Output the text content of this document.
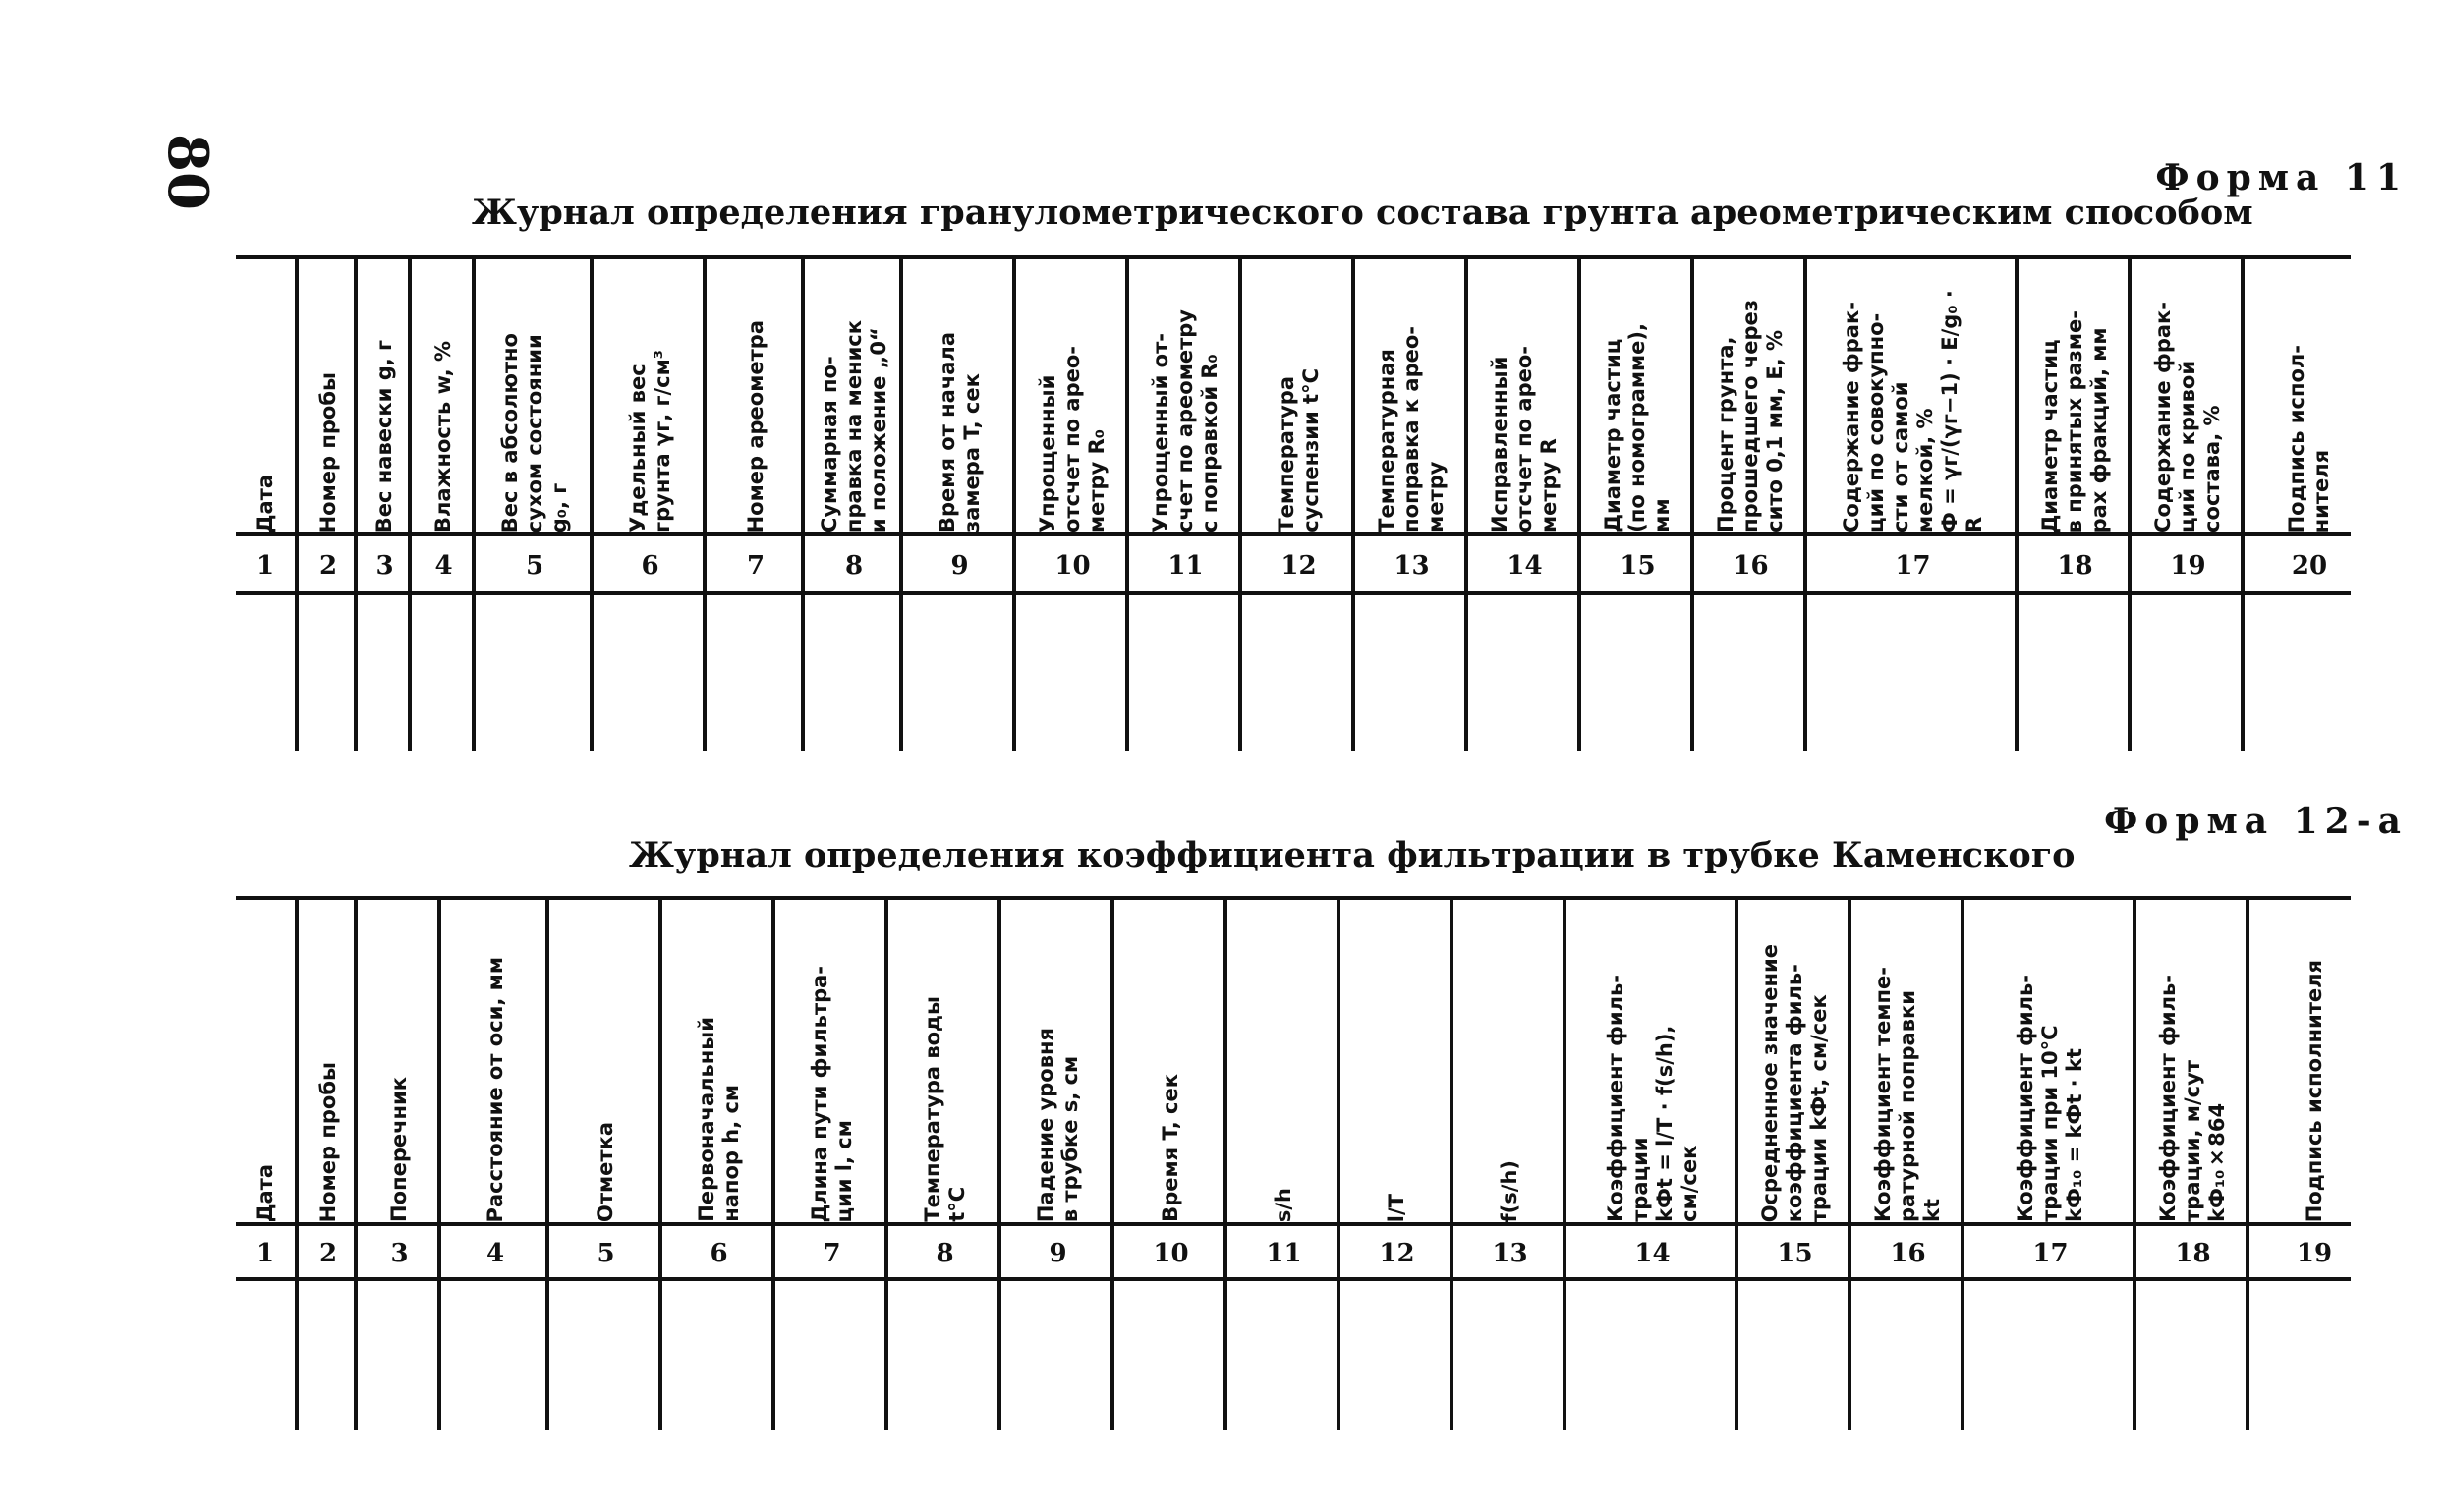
80	Форма 11
Журнал определения гранулометрического состава грунта ареометрическим способом
Дата
1
Номер пробы
2
Вес навески g, г
3
Влажность w, %
4
Вес в абсолютно
сухом состоянии
g₀, г
5
Удельный вес
грунта γг, г/см³
6
Номер ареометра
7
Суммарная по-
правка на мениск
и положение „0“
8
Время от начала
замера T, сек
9
Упрощенный
отсчет по арео-
метру R₀
10
Упрощенный от-
счет по ареометру
с поправкой R₀
11
Температура
суспензии t°C
12
Температурная
поправка к арео-
метру
13
Исправленный
отсчет по арео-
метру R
14
Диаметр частиц
(по номограмме),
мм
15
Процент грунта,
прошедшего через
сито 0,1 мм, E, %
16
Содержание фрак-
ций по совокупно-
сти от самой
мелкой, %
Ф = γг/(γг−1) · E/g₀ · R
17
Диаметр частиц
в принятых разме-
рах фракций, мм
18
Содержание фрак-
ций по кривой
состава, %
19
Подпись испол-
нителя
20
Форма 12-а
Журнал определения коэффициента фильтрации в трубке Каменского
Дата
1
Номер пробы
2
Поперечник
3
Расстояние от оси, мм
4
Отметка
5
Первоначальный
напор h, см
6
Длина пути фильтра-
ции l, см
7
Температура воды
t°C
8
Падение уровня
в трубке s, см
9
Время T, сек
10
s/h
11
l/T
12
f(s/h)
13
Коэффициент филь-
трации
kФt = l/T · f(s/h),
см/сек
14
Осредненное значение
коэффициента филь-
трации kФt, см/сек
15
Коэффициент темпе-
ратурной поправки
kt
16
Коэффициент филь-
трации при 10°C
kФ₁₀ = kФt · kt
17
Коэффициент филь-
трации, м/сут
kФ₁₀×864
18
Подпись исполнителя
19
